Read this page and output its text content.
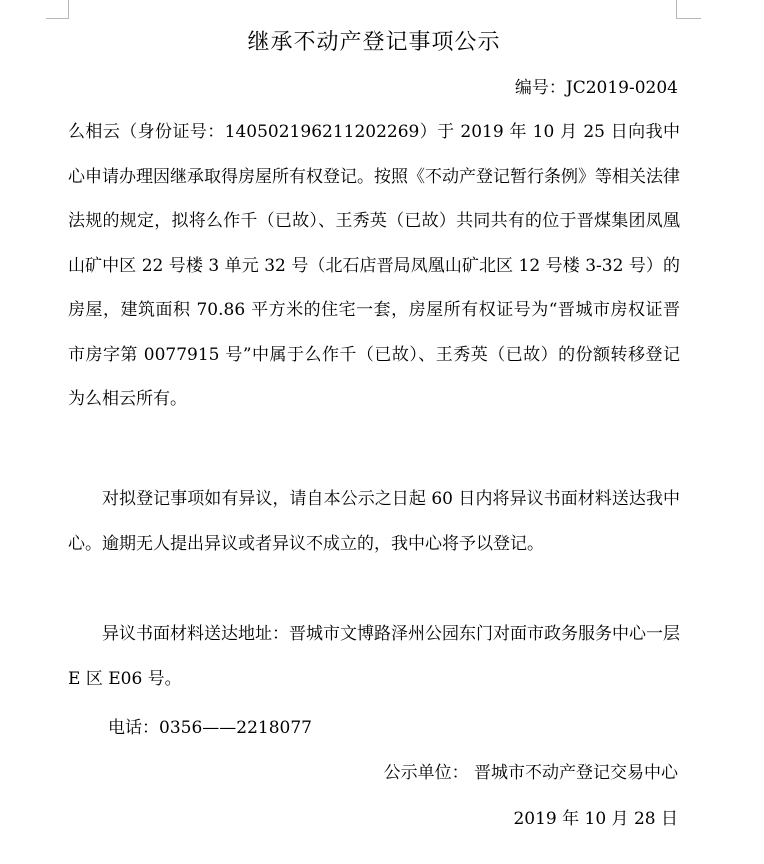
继承不动产登记事项公示
编号：JC2019-0204

么相云（身份证号：140502196211202269）于 2019 年 10 月 25 日向我中心申请办理因继承取得房屋所有权登记。按照《不动产登记暂行条例》等相关法律法规的规定，拟将么作千（已故）、王秀英（已故）共同共有的位于晋煤集团凤凰山矿中区 22 号楼 3 单元 32 号（北石店晋局凤凰山矿北区 12 号楼 3-32 号）的房屋，建筑面积 70.86 平方米的住宅一套，房屋所有权证号为“晋城市房权证晋市房字第 0077915 号”中属于么作千（已故）、王秀英（已故）的份额转移登记为么相云所有。

对拟登记事项如有异议，请自本公示之日起 60 日内将异议书面材料送达我中心。逾期无人提出异议或者异议不成立的，我中心将予以登记。

异议书面材料送达地址：晋城市文博路泽州公园东门对面市政务服务中心一层 E 区 E06 号。

电话：0356——2218077
公示单位： 晋城市不动产登记交易中心
2019 年 10 月 28 日
